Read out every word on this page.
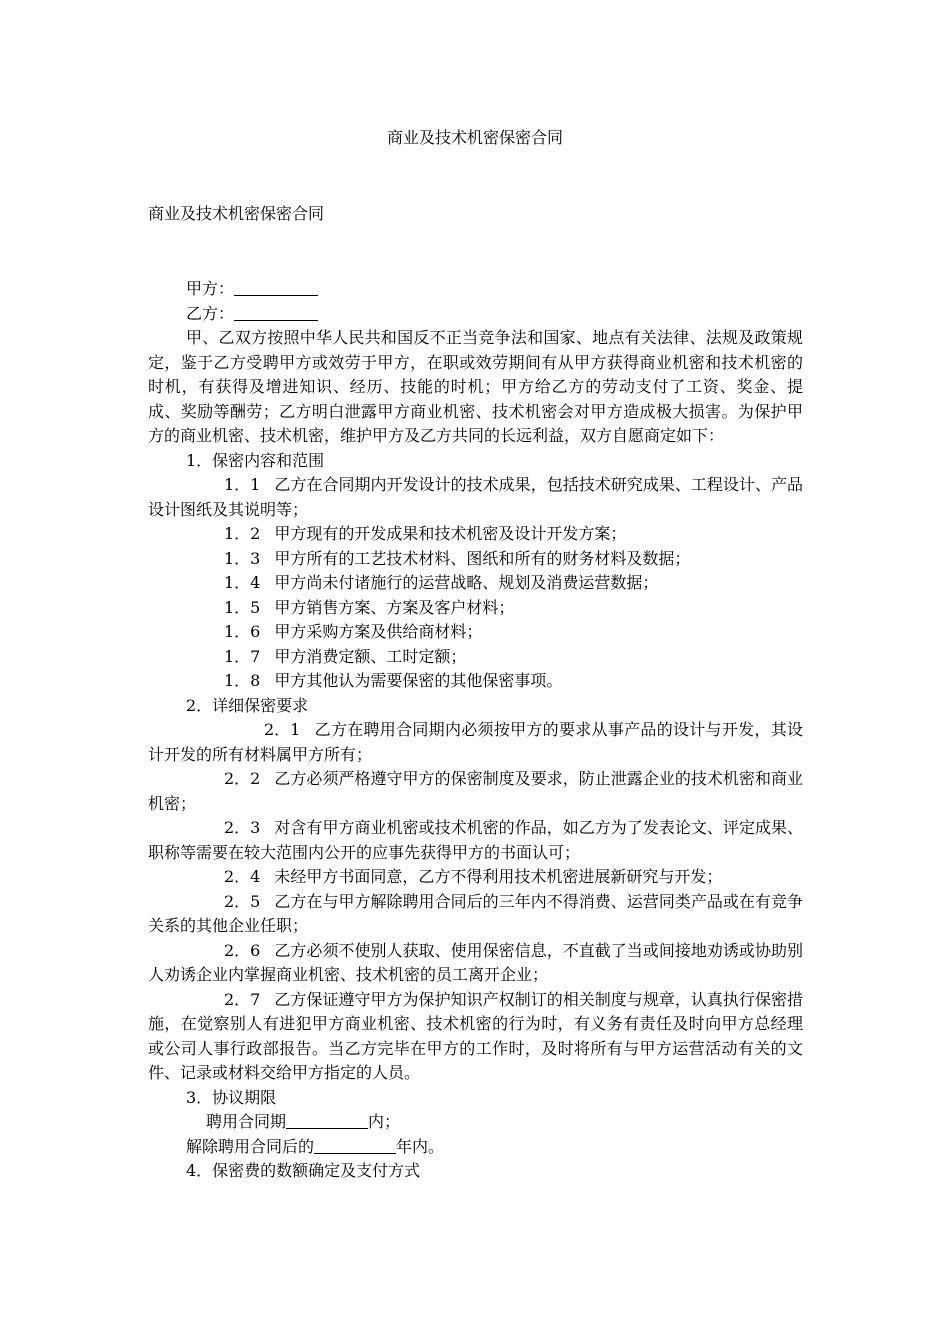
商业及技术机密保密合同
商业及技术机密保密合同

甲方：

乙方：

甲、乙双方按照中华人民共和国反不正当竞争法和国家、地点有关法律、法规及政策规定，鉴于乙方受聘甲方或效劳于甲方，在职或效劳期间有从甲方获得商业机密和技术机密的时机，有获得及增进知识、经历、技能的时机；甲方给乙方的劳动支付了工资、奖金、提成、奖励等酬劳；乙方明白泄露甲方商业机密、技术机密会对甲方造成极大损害。为保护甲方的商业机密、技术机密，维护甲方及乙方共同的长远利益，双方自愿商定如下：

1．保密内容和范围

1．1 乙方在合同期内开发设计的技术成果，包括技术研究成果、工程设计、产品设计图纸及其说明等；

1．2 甲方现有的开发成果和技术机密及设计开发方案；

1．3 甲方所有的工艺技术材料、图纸和所有的财务材料及数据；

1．4 甲方尚未付诸施行的运营战略、规划及消费运营数据；

1．5 甲方销售方案、方案及客户材料；

1．6 甲方采购方案及供给商材料；

1．7 甲方消费定额、工时定额；

1．8 甲方其他认为需要保密的其他保密事项。

2．详细保密要求

2．1 乙方在聘用合同期内必须按甲方的要求从事产品的设计与开发，其设计开发的所有材料属甲方所有；

2．2 乙方必须严格遵守甲方的保密制度及要求，防止泄露企业的技术机密和商业机密；

2．3 对含有甲方商业机密或技术机密的作品，如乙方为了发表论文、评定成果、职称等需要在较大范围内公开的应事先获得甲方的书面认可；

2．4 未经甲方书面同意，乙方不得利用技术机密进展新研究与开发；

2．5 乙方在与甲方解除聘用合同后的三年内不得消费、运营同类产品或在有竞争关系的其他企业任职；

2．6 乙方必须不使别人获取、使用保密信息，不直截了当或间接地劝诱或协助别人劝诱企业内掌握商业机密、技术机密的员工离开企业；

2．7 乙方保证遵守甲方为保护知识产权制订的相关制度与规章，认真执行保密措施，在觉察别人有进犯甲方商业机密、技术机密的行为时，有义务有责任及时向甲方总经理或公司人事行政部报告。当乙方完毕在甲方的工作时，及时将所有与甲方运营活动有关的文件、记录或材料交给甲方指定的人员。

3．协议期限

聘用合同期	内；

解除聘用合同后的	年内。

4．保密费的数额确定及支付方式
